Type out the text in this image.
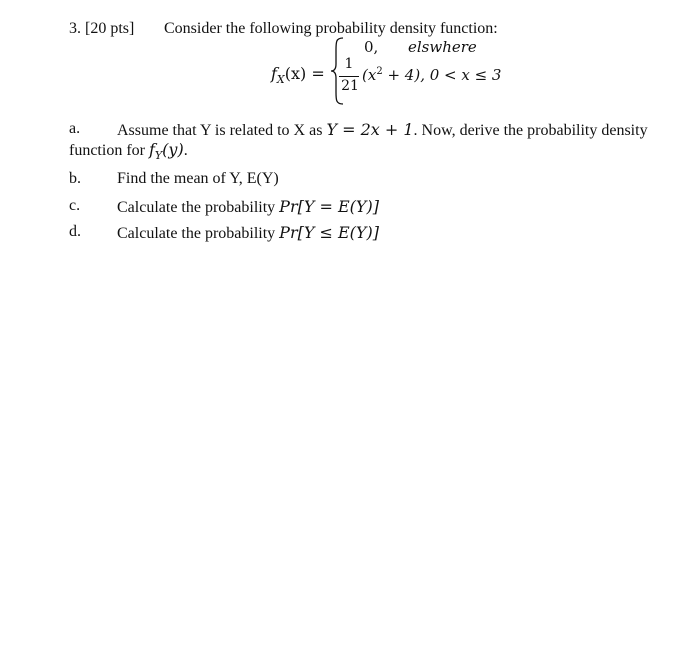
3. [20 pts] Consider the following probability density function:
$f_X(x)$ =
0, elswhere
1
21
$(x^2 + 4)$, 0 < x ≤ 3
a. Assume that Y is related to X as Y = 2x + 1. Now, derive the probability density
function for $f_Y(y)$.
b. Find the mean of Y, E(Y)
c. Calculate the probability Pr[Y = E(Y)]
d. Calculate the probability Pr[Y ≤ E(Y)]
